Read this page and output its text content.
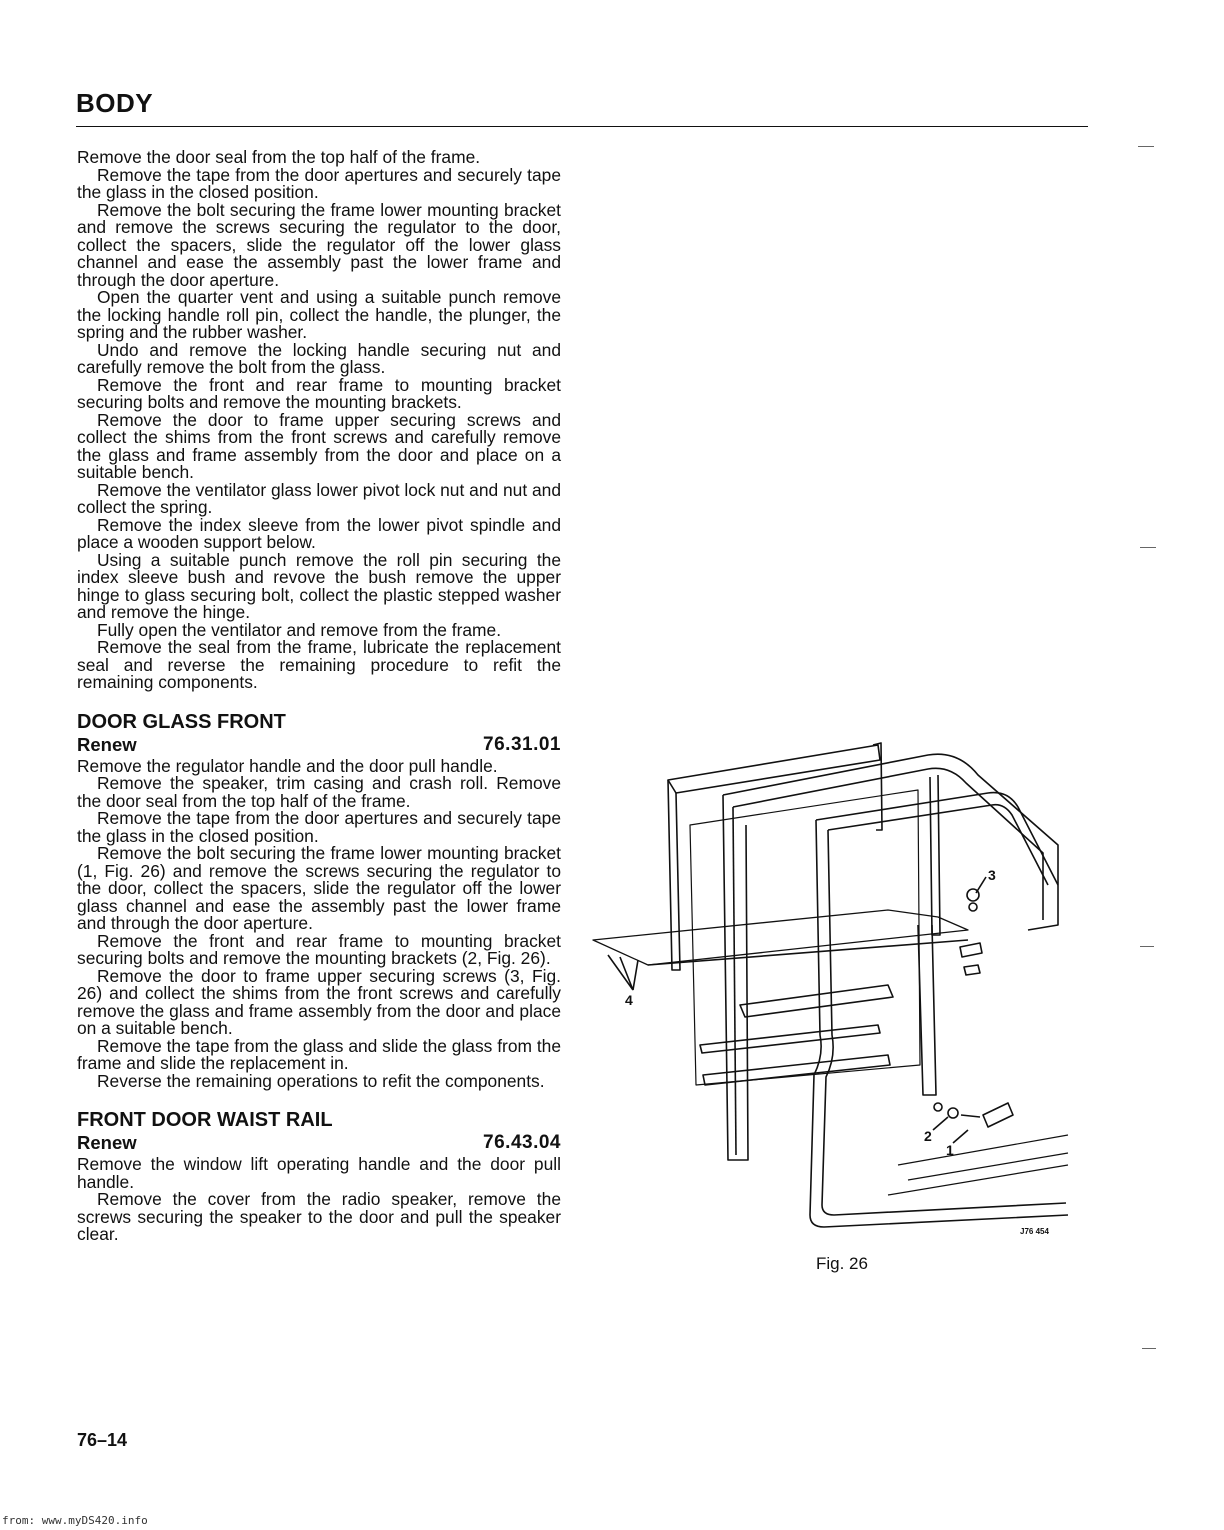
BODY

Remove the door seal from the top half of the frame.

Remove the tape from the door apertures and securely tape the glass in the closed position.

Remove the bolt securing the frame lower mounting bracket and remove the screws securing the regulator to the door, collect the spacers, slide the regulator off the lower glass channel and ease the assembly past the lower frame and through the door aperture.

Open the quarter vent and using a suitable punch remove the locking handle roll pin, collect the handle, the plunger, the spring and the rubber washer.

Undo and remove the locking handle securing nut and carefully remove the bolt from the glass.

Remove the front and rear frame to mounting bracket securing bolts and remove the mounting brackets.

Remove the door to frame upper securing screws and collect the shims from the front screws and carefully remove the glass and frame assembly from the door and place on a suitable bench.

Remove the ventilator glass lower pivot lock nut and nut and collect the spring.

Remove the index sleeve from the lower pivot spindle and place a wooden support below.

Using a suitable punch remove the roll pin securing the index sleeve bush and revove the bush remove the upper hinge to glass securing bolt, collect the plastic stepped washer and remove the hinge.

Fully open the ventilator and remove from the frame.

Remove the seal from the frame, lubricate the replacement seal and reverse the remaining procedure to refit the remaining components.

DOOR GLASS FRONT
Renew	76.31.01

Remove the regulator handle and the door pull handle.

Remove the speaker, trim casing and crash roll. Remove the door seal from the top half of the frame.

Remove the tape from the door apertures and securely tape the glass in the closed position.

Remove the bolt securing the frame lower mounting bracket (1, Fig. 26) and remove the screws securing the regulator to the door, collect the spacers, slide the regulator off the lower glass channel and ease the assembly past the lower frame and through the door aperture.

Remove the front and rear frame to mounting bracket securing bolts and remove the mounting brackets (2, Fig. 26).

Remove the door to frame upper securing screws (3, Fig. 26) and collect the shims from the front screws and carefully remove the glass and frame assembly from the door and place on a suitable bench.

Remove the tape from the glass and slide the glass from the frame and slide the replacement in.

Reverse the remaining operations to refit the components.

FRONT DOOR WAIST RAIL
Renew	76.43.04

Remove the window lift operating handle and the door pull handle.

Remove the cover from the radio speaker, remove the screws securing the speaker to the door and pull the speaker clear.

3
4
2
1
J76 454
Fig. 26
76–14
from: www.myDS420.info
